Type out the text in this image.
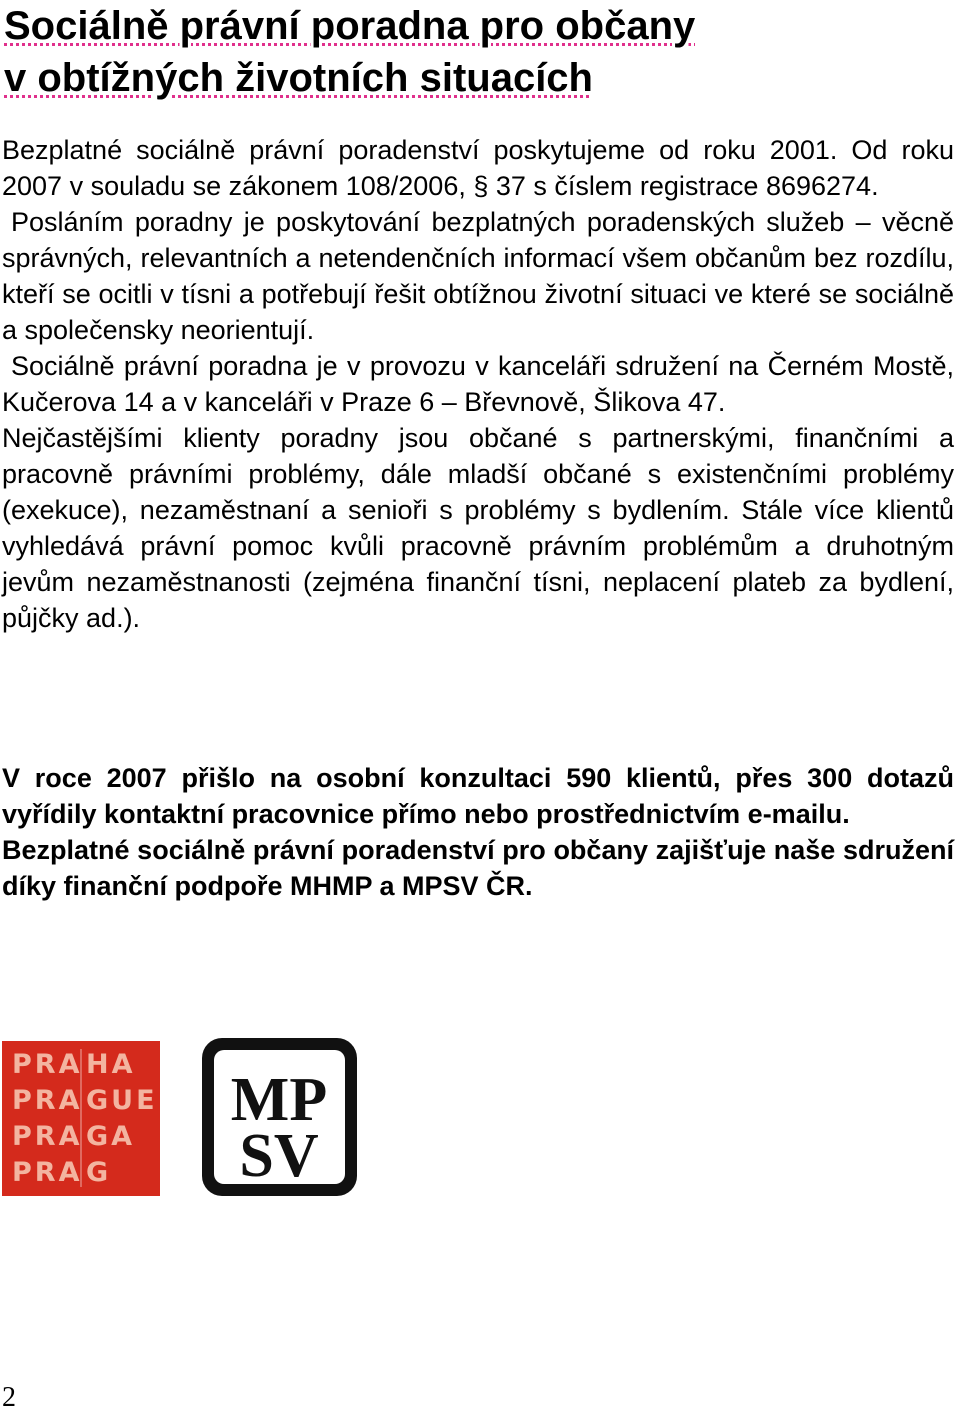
Sociálně právní poradna pro občany
v obtížných životních situacích

Bezplatné sociálně právní poradenství poskytujeme od roku 2001. Od roku 2007 v souladu se zákonem 108/2006, § 37 s číslem registrace 8696274.

Posláním poradny je poskytování bezplatných poradenských služeb – věcně správných, relevantních a netendenčních informací všem občanům bez rozdílu, kteří se ocitli v tísni a potřebují řešit obtížnou životní situaci ve které se sociálně a společensky neorientují.

Sociálně právní poradna je v provozu v kanceláři sdružení na Černém Mostě, Kučerova 14 a v kanceláři v Praze 6 – Břevnově, Šlikova 47.

Nejčastějšími klienty poradny jsou občané s partnerskými, finančními a pracovně právními problémy, dále mladší občané s existenčními problémy (exekuce), nezaměstnaní a senioři s problémy s bydlením. Stále více klientů vyhledává právní pomoc kvůli pracovně právním problémům a druhotným jevům nezaměstnanosti (zejména finanční tísni, neplacení plateb za bydlení, půjčky ad.).

V roce 2007 přišlo na osobní konzultaci 590 klientů, přes 300 dotazů vyřídily kontaktní pracovnice přímo nebo prostřednictvím e-mailu.

Bezplatné sociálně právní poradenství pro občany zajišťuje naše sdružení díky finanční podpoře MHMP a MPSV ČR.

PRA HA
PRA GUE
PRA GA
PRA G
MP
SV
2
